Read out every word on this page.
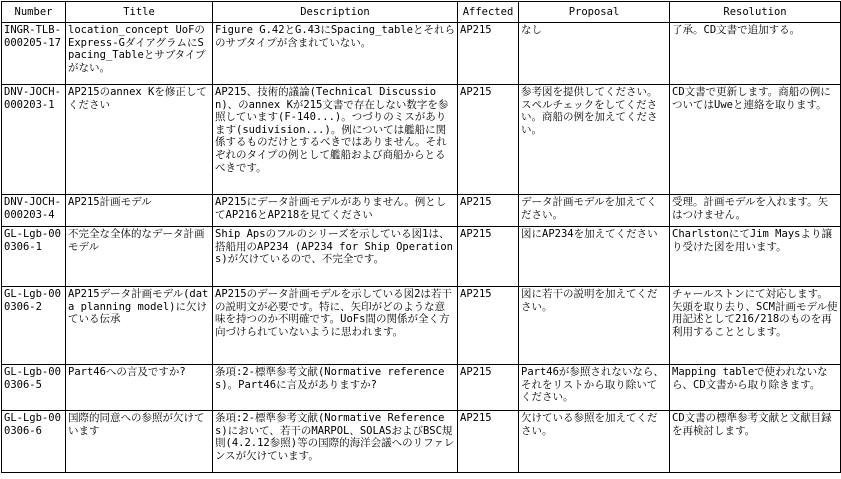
Number	Title	Description	Affected	Proposal	Resolution
INGR-TLB-000205-17	location_concept UoFのExpress-GダイアグラムにSpacing_Tableとサブタイプがない。	Figure G.42とG.43にSpacing_tableとそれらのサブタイプが含まれていない。	AP215	なし	了承。CD文書で追加する。
DNV-JOCH-000203-1	AP215のannex Kを修正してください	AP215、技術的議論(Technical Discussion)、のannex Kが215文書で存在しない数字を参照しています(F-140...)。つづりのミスがあります(sudivision...)。例については艦船に関係するものだけとするべきではありません。それぞれのタイプの例として艦船および商船からとるべきです。	AP215	参考図を提供してください。スペルチェックをしてください。商船の例を加えてください。	CD文書で更新します。商船の例についてはUweと連絡を取ります。
DNV-JOCH-000203-4	AP215計画モデル	AP215にデータ計画モデルがありません。例としてAP216とAP218を見てください	AP215	データ計画モデルを加えてください。	受理。計画モデルを入れます。矢はつけません。
GL-Lgb-000306-1	不完全な全体的なデータ計画モデル	Ship Apsのフルのシリーズを示している図1は、搭船用のAP234 (AP234 for Ship Operations)が欠けているので、不完全です。	AP215	図にAP234を加えてください	CharlstonにてJim Maysより譲り受けた図を用います。
GL-Lgb-000306-2	AP215データ計画モデル(data planning model)に欠けている伝承	AP215のデータ計画モデルを示している図2は若干の説明文が必要です。特に、矢印がどのような意味を持つのか不明確です。UoFs間の関係が全く方向づけられていないように思われます。	AP215	図に若干の説明を加えてください。	チャールストンにて対応します。矢頭を取り去り、SCM計画モデル使用記述として216/218のものを再利用することとします。
GL-Lgb-000306-5	Part46への言及ですか?	条項:2-標準参考文献(Normative references)。Part46に言及がありますか?	AP215	Part46が参照されないなら、それをリストから取り除いてください。	Mapping tableで使われないなら、CD文書から取り除きます。
GL-Lgb-000306-6	国際的同意への参照が欠けています	条項:2-標準参考文献(Normative References)において、若干のMARPOL、SOLASおよびBSC規則(4.2.12参照)等の国際的海洋会議へのリファレンスが欠けています。	AP215	欠けている参照を加えてください。	CD文書の標準参考文献と文献目録を再検討します。
